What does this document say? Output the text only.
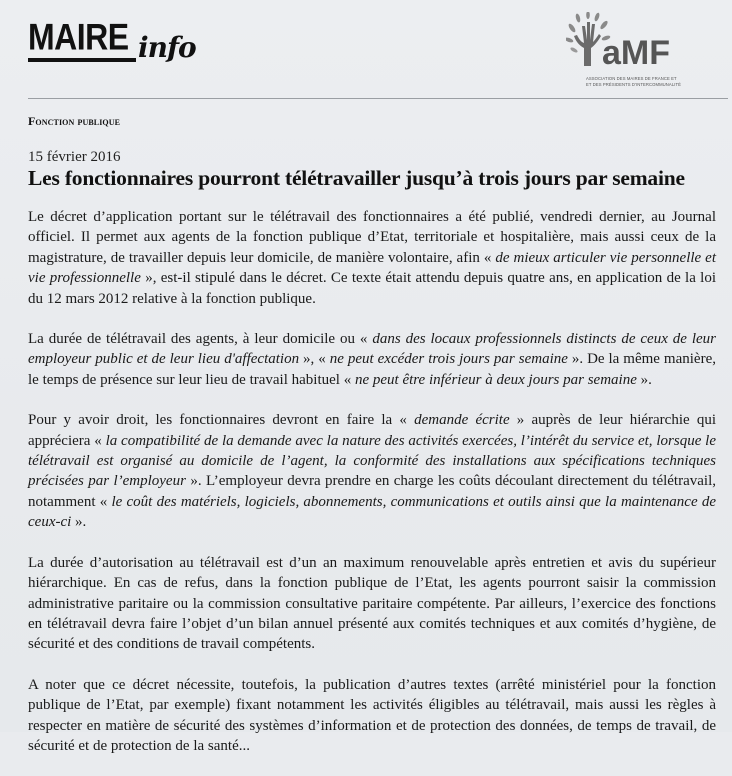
MAIRE info	aMF
ASSOCIATION DES MAIRES DE FRANCE ET
ET DES PRÉSIDENTS D'INTERCOMMUNALITÉ
Fonction publique
15 février 2016
Les fonctionnaires pourront télétravailler jusqu’à trois jours par semaine

Le décret d’application portant sur le télétravail des fonctionnaires a été publié, vendredi dernier, au Journal officiel. Il permet aux agents de la fonction publique d’Etat, territoriale et hospitalière, mais aussi ceux de la magistrature, de travailler depuis leur domicile, de manière volontaire, afin « de mieux articuler vie personnelle et vie professionnelle », est-il stipulé dans le décret. Ce texte était attendu depuis quatre ans, en application de la loi du 12 mars 2012 relative à la fonction publique.

La durée de télétravail des agents, à leur domicile ou « dans des locaux professionnels distincts de ceux de leur employeur public et de leur lieu d'affectation », « ne peut excéder trois jours par semaine ». De la même manière, le temps de présence sur leur lieu de travail habituel « ne peut être inférieur à deux jours par semaine ».

Pour y avoir droit, les fonctionnaires devront en faire la « demande écrite » auprès de leur hiérarchie qui appréciera « la compatibilité de la demande avec la nature des activités exercées, l’intérêt du service et, lorsque le télétravail est organisé au domicile de l’agent, la conformité des installations aux spécifications techniques précisées par l’employeur ». L’employeur devra prendre en charge les coûts découlant directement du télétravail, notamment « le coût des matériels, logiciels, abonnements, communications et outils ainsi que la maintenance de ceux-ci ».

La durée d’autorisation au télétravail est d’un an maximum renouvelable après entretien et avis du supérieur hiérarchique. En cas de refus, dans la fonction publique de l’Etat, les agents pourront saisir la commission administrative paritaire ou la commission consultative paritaire compétente. Par ailleurs, l’exercice des fonctions en télétravail devra faire l’objet d’un bilan annuel présenté aux comités techniques et aux comités d’hygiène, de sécurité et des conditions de travail compétents.

A noter que ce décret nécessite, toutefois, la publication d’autres textes (arrêté ministériel pour la fonction publique de l’Etat, par exemple) fixant notamment les activités éligibles au télétravail, mais aussi les règles à respecter en matière de sécurité des systèmes d’information et de protection des données, de temps de travail, de sécurité et de protection de la santé...
